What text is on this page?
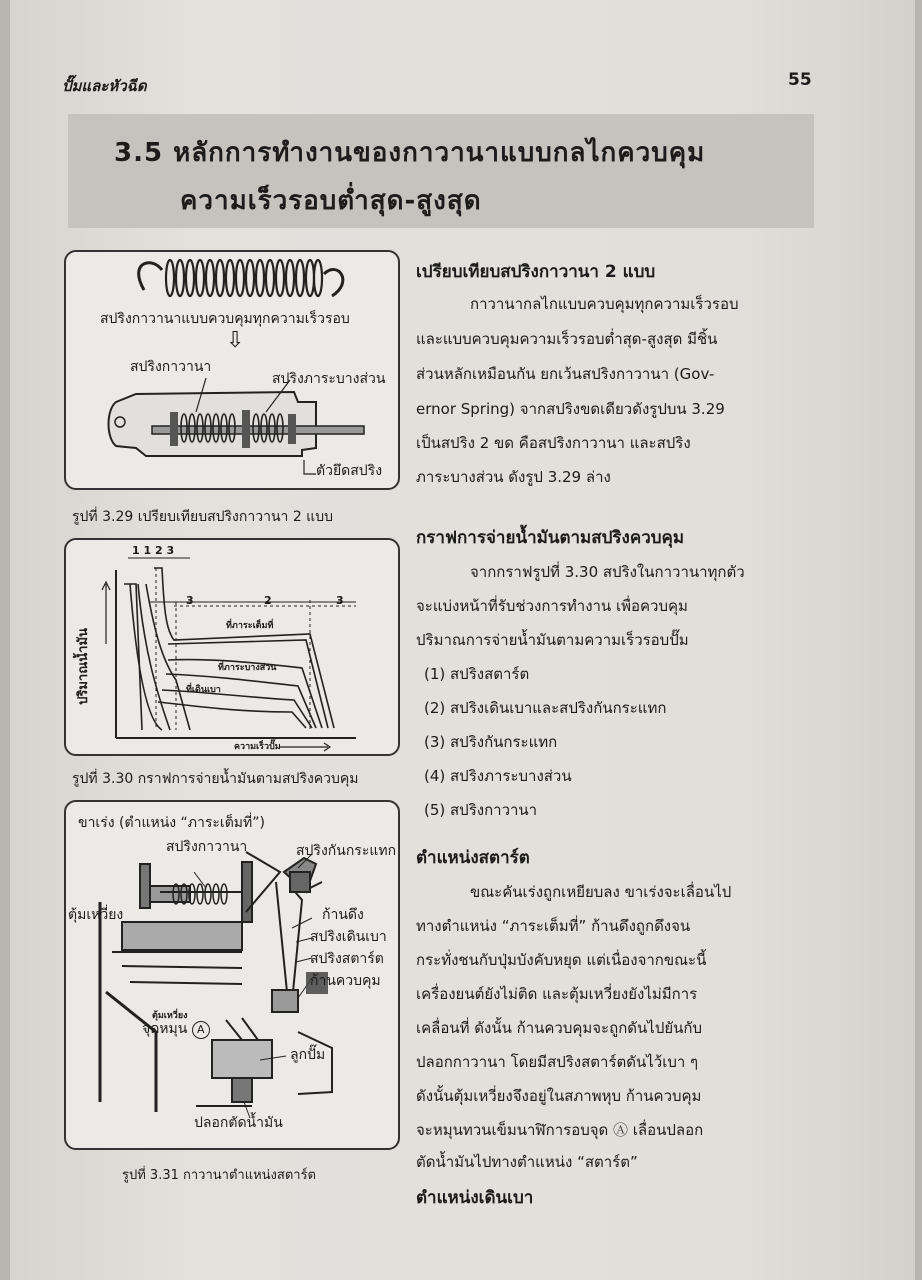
ปั๊มและหัวฉีด	55
3.5 หลักการทำงานของกาวานาแบบกลไกควบคุม
ความเร็วรอบต่ำสุด-สูงสุด
สปริงกาวานาแบบควบคุมทุกความเร็วรอบ
⇩
สปริงกาวานา
สปริงภาระบางส่วน
ตัวยึดสปริง
รูปที่ 3.29 เปรียบเทียบสปริงกาวานา 2 แบบ
1 1 2 3
3	2	3
ที่ภาระเต็มที่
ที่ภาระบางส่วน
ที่เดินเบา
ความเร็วปั๊ม
ปริมาณน้ำมัน
รูปที่ 3.30 กราฟการจ่ายน้ำมันตามสปริงควบคุม
ขาเร่ง (ตำแหน่ง “ภาระเต็มที่”)
สปริงกาวานา	สปริงกันกระแทก
ตุ้มเหวี่ยง	ก้านดึง
สปริงเดินเบา
สปริงสตาร์ต
ก้านควบคุม
ตุ้มเหวี่ยง
จุดหมุน A
ลูกปั๊ม
ปลอกตัดน้ำมัน
รูปที่ 3.31 กาวานาตำแหน่งสตาร์ต
เปรียบเทียบสปริงกาวานา 2 แบบ
กาวานากลไกแบบควบคุมทุกความเร็วรอบ
และแบบควบคุมความเร็วรอบต่ำสุด-สูงสุด มีชิ้น
ส่วนหลักเหมือนกัน ยกเว้นสปริงกาวานา (Gov-
ernor Spring) จากสปริงขดเดียวดังรูปบน 3.29
เป็นสปริง 2 ขด คือสปริงกาวานา และสปริง
ภาระบางส่วน ดังรูป 3.29 ล่าง
กราฟการจ่ายน้ำมันตามสปริงควบคุม
จากกราฟรูปที่ 3.30 สปริงในกาวานาทุกตัว
จะแบ่งหน้าที่รับช่วงการทำงาน เพื่อควบคุม
ปริมาณการจ่ายน้ำมันตามความเร็วรอบปั๊ม
(1) สปริงสตาร์ต
(2) สปริงเดินเบาและสปริงกันกระแทก
(3) สปริงกันกระแทก
(4) สปริงภาระบางส่วน
(5) สปริงกาวานา
ตำแหน่งสตาร์ต
ขณะคันเร่งถูกเหยียบลง ขาเร่งจะเลื่อนไป
ทางตำแหน่ง “ภาระเต็มที่” ก้านดึงถูกดึงจน
กระทั่งชนกับปุ่มบังคับหยุด แต่เนื่องจากขณะนี้
เครื่องยนต์ยังไม่ติด และตุ้มเหวี่ยงยังไม่มีการ
เคลื่อนที่ ดังนั้น ก้านควบคุมจะถูกดันไปยันกับ
ปลอกกาวานา โดยมีสปริงสตาร์ตดันไว้เบา ๆ
ดังนั้นตุ้มเหวี่ยงจึงอยู่ในสภาพหุบ ก้านควบคุม
จะหมุนทวนเข็มนาฬิการอบจุด Ⓐ เลื่อนปลอก
ตัดน้ำมันไปทางตำแหน่ง “สตาร์ต”
ตำแหน่งเดินเบา
